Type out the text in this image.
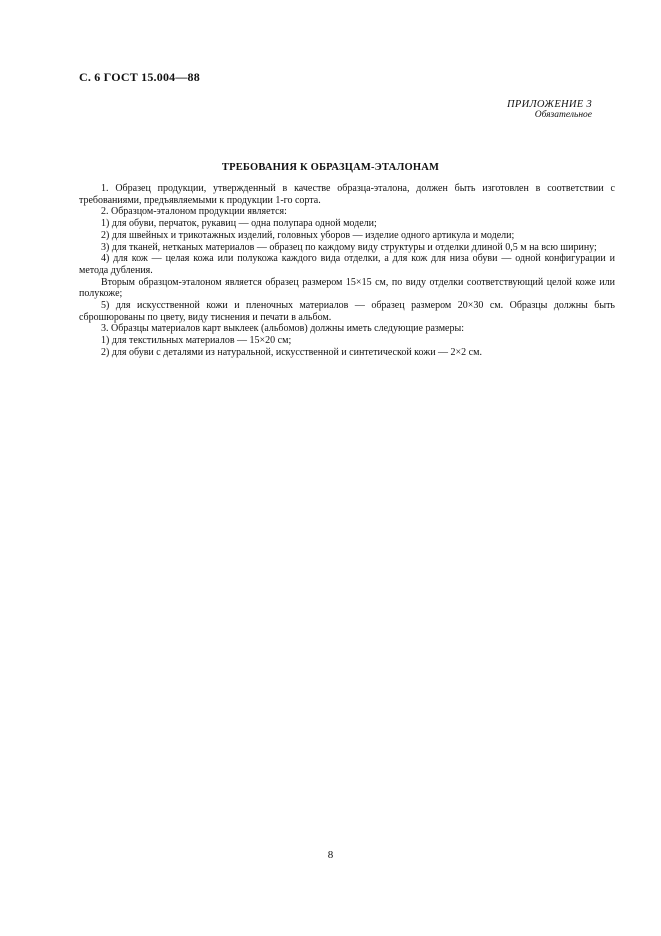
С. 6 ГОСТ 15.004—88
ПРИЛОЖЕНИЕ 3
Обязательное
ТРЕБОВАНИЯ К ОБРАЗЦАМ-ЭТАЛОНАМ

1. Образец продукции, утвержденный в качестве образца-эталона, должен быть изготовлен в соответствии с требованиями, предъявляемыми к продукции 1-го сорта.

2. Образцом-эталоном продукции является:

1) для обуви, перчаток, рукавиц — одна полупара одной модели;

2) для швейных и трикотажных изделий, головных уборов — изделие одного артикула и модели;

3) для тканей, нетканых материалов — образец по каждому виду структуры и отделки длиной 0,5 м на всю ширину;

4) для кож — целая кожа или полукожа каждого вида отделки, а для кож для низа обуви — одной конфигурации и метода дубления.

Вторым образцом-эталоном является образец размером 15×15 см, по виду отделки соответствующий целой коже или полукоже;

5) для искусственной кожи и пленочных материалов — образец размером 20×30 см. Образцы должны быть сброшюрованы по цвету, виду тиснения и печати в альбом.

3. Образцы материалов карт выклеек (альбомов) должны иметь следующие размеры:

1) для текстильных материалов — 15×20 см;

2) для обуви с деталями из натуральной, искусственной и синтетической кожи — 2×2 см.

8
